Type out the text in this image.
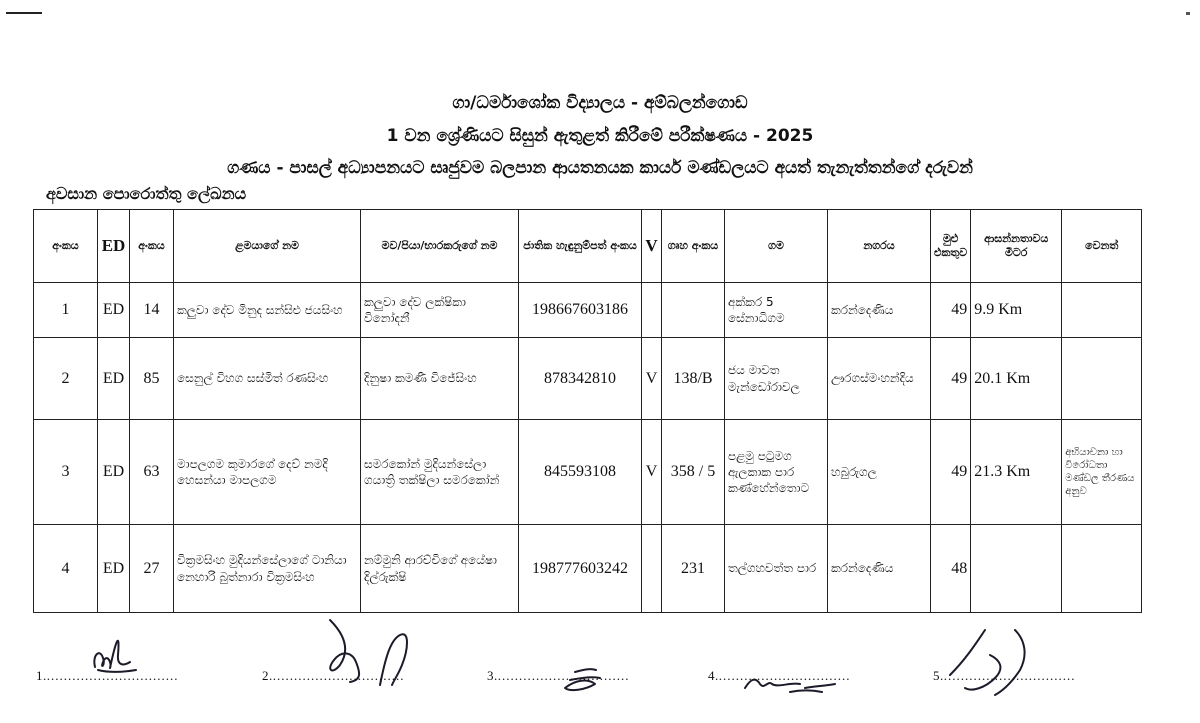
ගා/ධර්මාශෝක විද්‍යාලය - අම්බලන්ගොඩ
1 වන ශ්‍රේණියට සිසුන් ඇතුළත් කිරීමේ පරීක්ෂණය - 2025
ගණය - පාසල් අධ්‍යාපනයට සෘජුවම බලපාන ආයතනයක කාර්ය මණ්ඩලයට අයත් තැනැත්තන්ගේ දරුවන්
අවසාන පොරොත්තු ලේඛනය
අංකය	ED	අංකය	ළමයාගේ නම	මව/පියා/භාරකරුගේ නම	ජාතික හැඳුනුම්පත් අංකය	V	ගෘහ අංකය	ගම	නගරය	මුළු එකතුව	ආසන්නතාවය මීටර	වෙනත්
1	ED	14	කලුවා දේව මිනුද සන්සිළු ජයසිංහ	කලුවා දේව ලක්ෂිකා විනෝදනී	198667603186			අක්කර 5 සේනාධිගම	කරන්දෙණිය	49	9.9 Km	
2	ED	85	සෙනුල් විහග සස්මිත් රණසිංහ	දිනුෂා කමණී විජේසිංහ	878342810	V	138/B	ජය මාවත මැන්ඩෝරාවල	ඌරගස්මංහන්දිය	49	20.1 Km	
3	ED	63	මාපලගම කුමාරගේ දෙව් නමදි හෙසන්යා මාපලගම	සමරකෝන් මුදියන්සේලා ගයාත්‍රි තක්ෂිලා සමරකෝන්	845593108	V	358 / 5	පළමු පටුමග ඇලකාක පාර කණ්හේන්තොට	හබුරුගල	49	21.3 Km	අභියාචනා හා විරෝධතා මණ්ඩල තීරණය අනුව
4	ED	27	වික්‍රමසිංහ මුදියන්සේලාගේ ටානියා නෙහාරි බුත්නාරා වික්‍රමසිංහ	නම්මුනි ආරච්චිගේ අයේෂා දිල්රුක්ෂි	198777603242		231	තල්ගහවත්ත පාර	කරන්දෙණිය	48		
1................................	2................................	3................................	4................................	5................................
